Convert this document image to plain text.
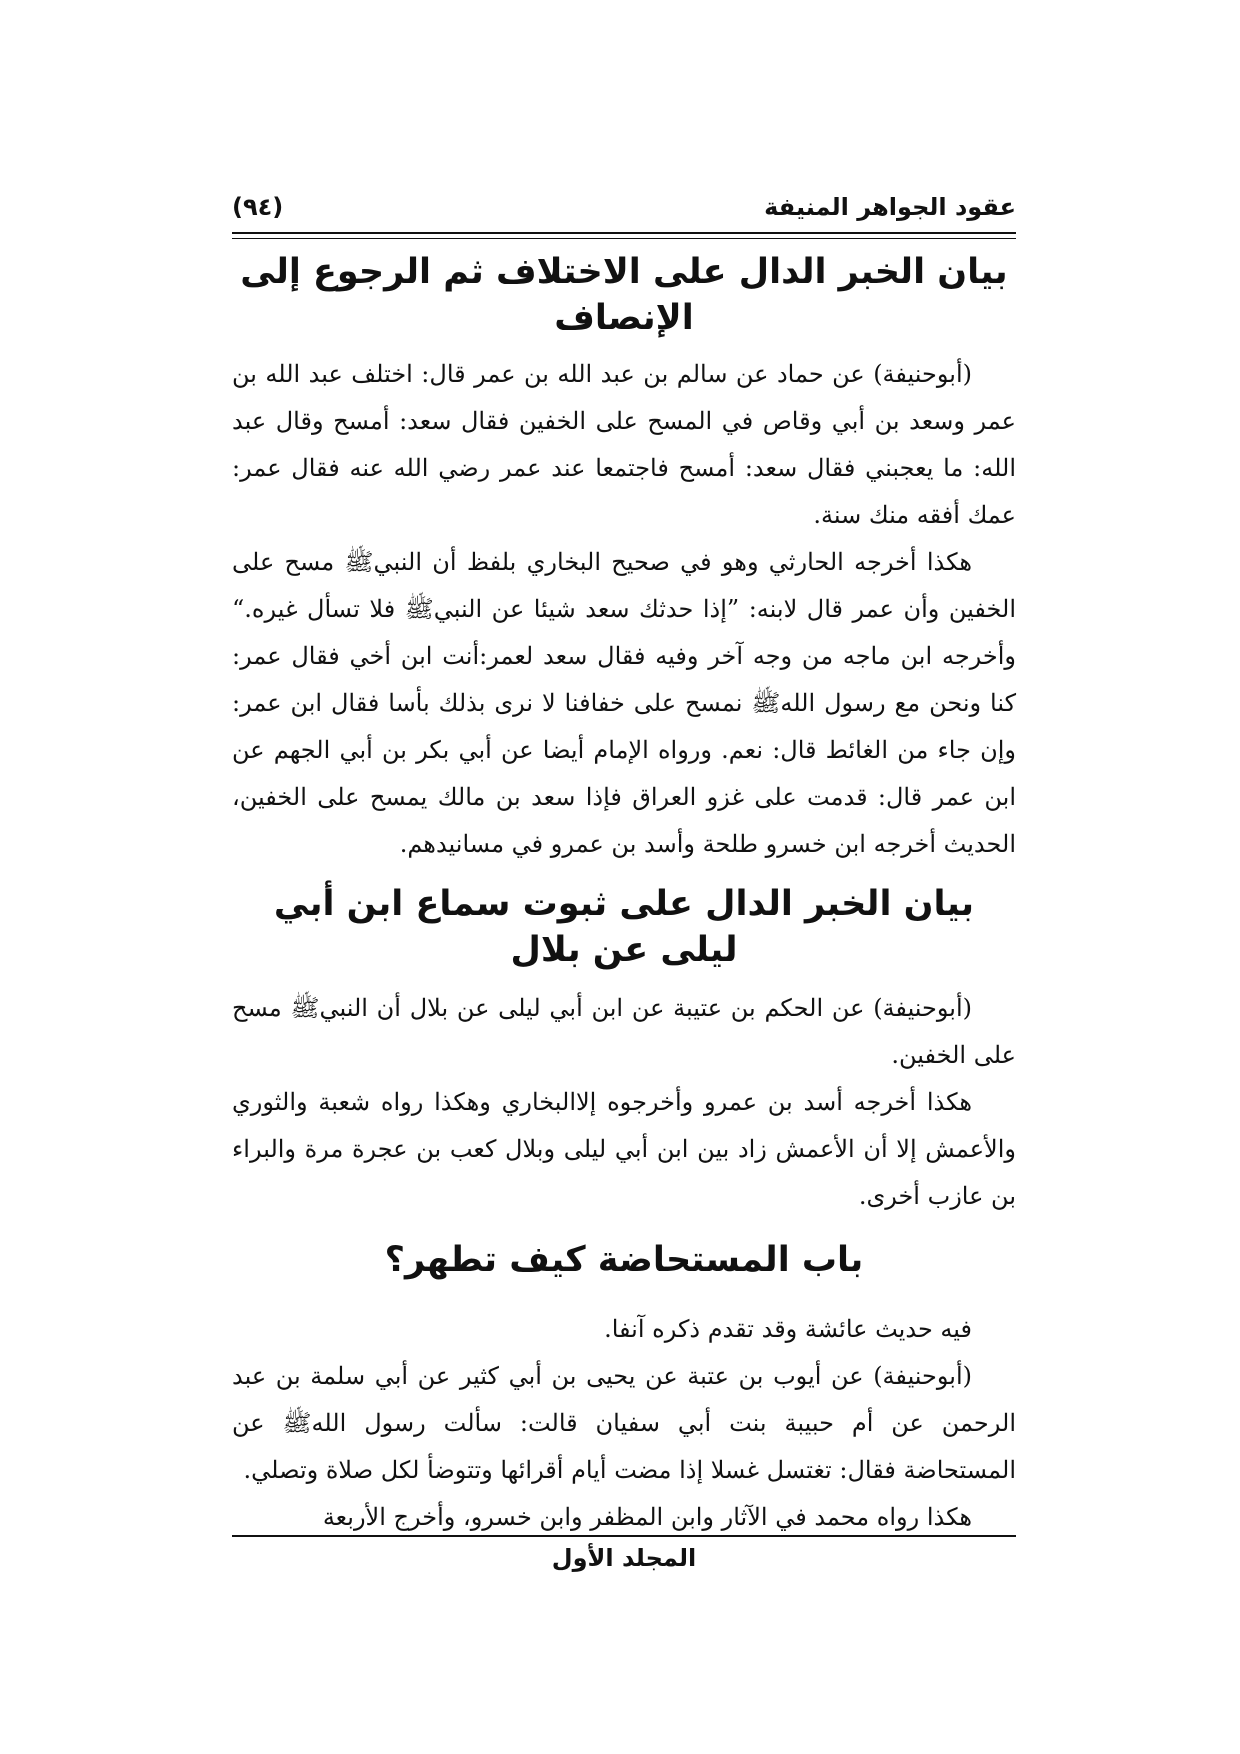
عقود الجواهر المنيفة
(٩٤)
بيان الخبر الدال على الاختلاف ثم الرجوع إلى الإنصاف

(أبوحنيفة) عن حماد عن سالم بن عبد الله بن عمر قال: اختلف عبد الله بن عمر وسعد بن أبي وقاص في المسح على الخفين فقال سعد: أمسح وقال عبد الله: ما يعجبني فقال سعد: أمسح فاجتمعا عند عمر رضي الله عنه فقال عمر: عمك أفقه منك سنة.

هكذا أخرجه الحارثي وهو في صحيح البخاري بلفظ أن النبيﷺ مسح على الخفين وأن عمر قال لابنه: ”إذا حدثك سعد شيئا عن النبيﷺ فلا تسأل غيره.“ وأخرجه ابن ماجه من وجه آخر وفيه فقال سعد لعمر:أنت ابن أخي فقال عمر: كنا ونحن مع رسول اللهﷺ نمسح على خفافنا لا نرى بذلك بأسا فقال ابن عمر: وإن جاء من الغائط قال: نعم. ورواه الإمام أيضا عن أبي بكر بن أبي الجهم عن ابن عمر قال: قدمت على غزو العراق فإذا سعد بن مالك يمسح على الخفين، الحديث أخرجه ابن خسرو طلحة وأسد بن عمرو في مسانيدهم.

بيان الخبر الدال على ثبوت سماع ابن أبي ليلى عن بلال

(أبوحنيفة) عن الحكم بن عتيبة عن ابن أبي ليلى عن بلال أن النبيﷺ مسح على الخفين.

هكذا أخرجه أسد بن عمرو وأخرجوه إلاالبخاري وهكذا رواه شعبة والثوري والأعمش إلا أن الأعمش زاد بين ابن أبي ليلى وبلال كعب بن عجرة مرة والبراء بن عازب أخرى.

باب المستحاضة كيف تطهر؟

فيه حديث عائشة وقد تقدم ذكره آنفا.

(أبوحنيفة) عن أيوب بن عتبة عن يحيى بن أبي كثير عن أبي سلمة بن عبد الرحمن عن أم حبيبة بنت أبي سفيان قالت: سألت رسول اللهﷺ عن المستحاضة فقال: تغتسل غسلا إذا مضت أيام أقرائها وتتوضأ لكل صلاة وتصلي.

هكذا رواه محمد في الآثار وابن المظفر وابن خسرو، وأخرج الأربعة

المجلد الأول
